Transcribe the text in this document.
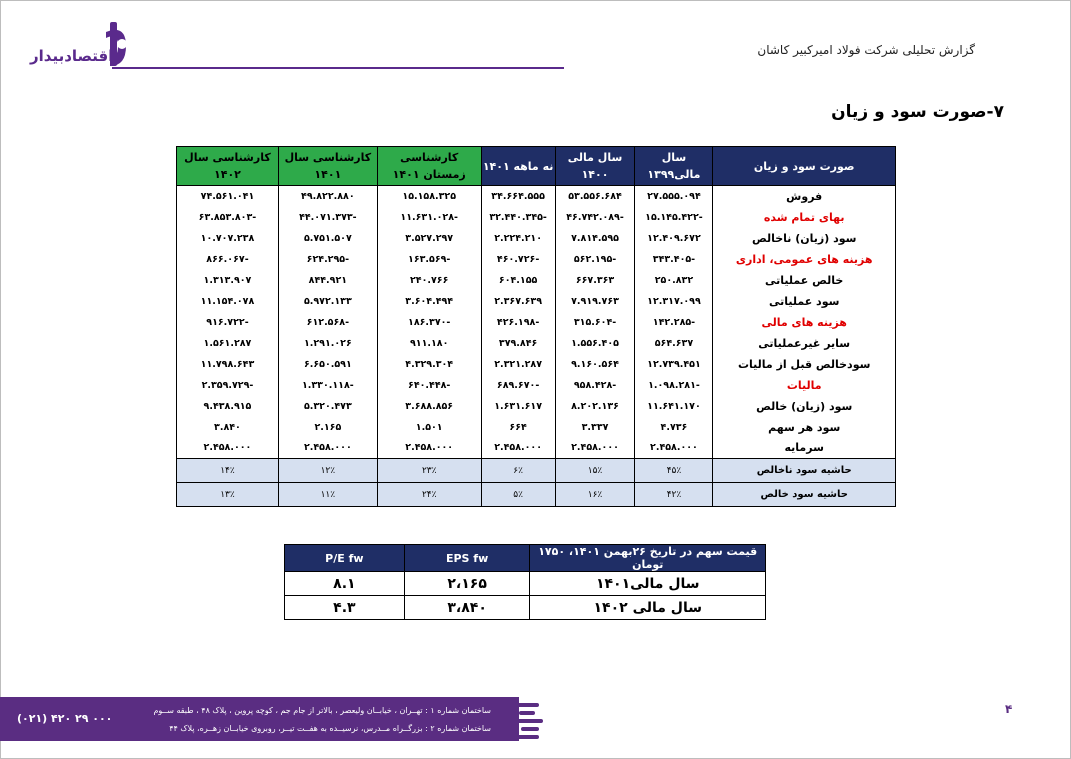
اقتصادبیدار	گزارش تحلیلی شرکت فولاد امیرکبیر کاشان
۷-صورت سود و زیان
صورت سود و زیان	سال مالی۱۳۹۹	سال مالی ۱۴۰۰	نه ماهه ۱۴۰۱	کارشناسی زمستان ۱۴۰۱	کارشناسی سال ۱۴۰۱	کارشناسی سال ۱۴۰۲
فروش	۲۷.۵۵۵.۰۹۴	۵۳.۵۵۶.۶۸۴	۳۴.۶۶۴.۵۵۵	۱۵.۱۵۸.۳۲۵	۴۹.۸۲۲.۸۸۰	۷۴.۵۶۱.۰۴۱
بهای تمام شده	-۱۵.۱۴۵.۴۲۲	-۴۶.۷۴۲.۰۸۹	-۳۲.۴۴۰.۳۴۵	-۱۱.۶۳۱.۰۲۸	-۴۴.۰۷۱.۳۷۳	-۶۳.۸۵۳.۸۰۳
سود (زیان) ناخالص	۱۲.۴۰۹.۶۷۲	۷.۸۱۴.۵۹۵	۲.۲۲۴.۲۱۰	۳.۵۲۷.۲۹۷	۵.۷۵۱.۵۰۷	۱۰.۷۰۷.۲۳۸
هزینه های عمومی، اداری	-۳۴۳.۴۰۵	-۵۶۲.۱۹۵	-۴۶۰.۷۲۶	-۱۶۳.۵۶۹	-۶۲۴.۲۹۵	-۸۶۶.۰۶۷
خالص عملیاتی	۲۵۰.۸۳۲	۶۶۷.۳۶۳	۶۰۴.۱۵۵	۲۴۰.۷۶۶	۸۴۴.۹۲۱	۱.۳۱۳.۹۰۷
سود عملیاتی	۱۲.۳۱۷.۰۹۹	۷.۹۱۹.۷۶۳	۲.۳۶۷.۶۳۹	۳.۶۰۴.۴۹۴	۵.۹۷۲.۱۳۳	۱۱.۱۵۴.۰۷۸
هزینه های مالی	-۱۴۲.۲۸۵	-۳۱۵.۶۰۴	-۴۲۶.۱۹۸	-۱۸۶.۳۷۰	-۶۱۲.۵۶۸	-۹۱۶.۷۲۲
سایر غیرعملیاتی	۵۶۴.۶۳۷	۱.۵۵۶.۴۰۵	۳۷۹.۸۴۶	۹۱۱.۱۸۰	۱.۲۹۱.۰۲۶	۱.۵۶۱.۲۸۷
سودخالص قبل از مالیات	۱۲.۷۳۹.۴۵۱	۹.۱۶۰.۵۶۴	۲.۳۲۱.۲۸۷	۴.۳۲۹.۳۰۴	۶.۶۵۰.۵۹۱	۱۱.۷۹۸.۶۴۳
مالیات	-۱.۰۹۸.۲۸۱	-۹۵۸.۴۲۸	-۶۸۹.۶۷۰	-۶۴۰.۴۴۸	-۱.۳۳۰.۱۱۸	-۲.۳۵۹.۷۲۹
سود (زیان) خالص	۱۱.۶۴۱.۱۷۰	۸.۲۰۲.۱۳۶	۱.۶۳۱.۶۱۷	۳.۶۸۸.۸۵۶	۵.۳۲۰.۴۷۳	۹.۴۳۸.۹۱۵
سود هر سهم	۴.۷۳۶	۳.۳۳۷	۶۶۴	۱.۵۰۱	۲.۱۶۵	۳.۸۴۰
سرمایه	۲.۴۵۸.۰۰۰	۲.۴۵۸.۰۰۰	۲.۴۵۸.۰۰۰	۲.۴۵۸.۰۰۰	۲.۴۵۸.۰۰۰	۲.۴۵۸.۰۰۰
حاشیه سود ناخالص	۴۵٪	۱۵٪	۶٪	۲۳٪	۱۲٪	۱۴٪
حاشیه سود خالص	۴۲٪	۱۶٪	۵٪	۲۴٪	۱۱٪	۱۳٪
قیمت سهم در تاریخ ۲۶بهمن ۱۴۰۱، ۱۷۵۰ تومان	EPS fw	P/E fw
سال مالی۱۴۰۱	۲،۱۶۵	۸.۱
سال مالی ۱۴۰۲	۳،۸۴۰	۴.۳
ساختمان شماره ۱ : تهــران ، خیابــان ولیعصر ، بالاتر از جام جم ، کوچه پروین ، پلاک ۴۸ ، طبقه ســوم
ساختمان شماره ۲ : بزرگــراه مــدرس، نرسیــده به هفــت تیــر، روبروی خیابــان زهــره، پلاک ۴۴
(۰۲۱) ۴۲۰ ۲۹ ۰۰۰
۴
